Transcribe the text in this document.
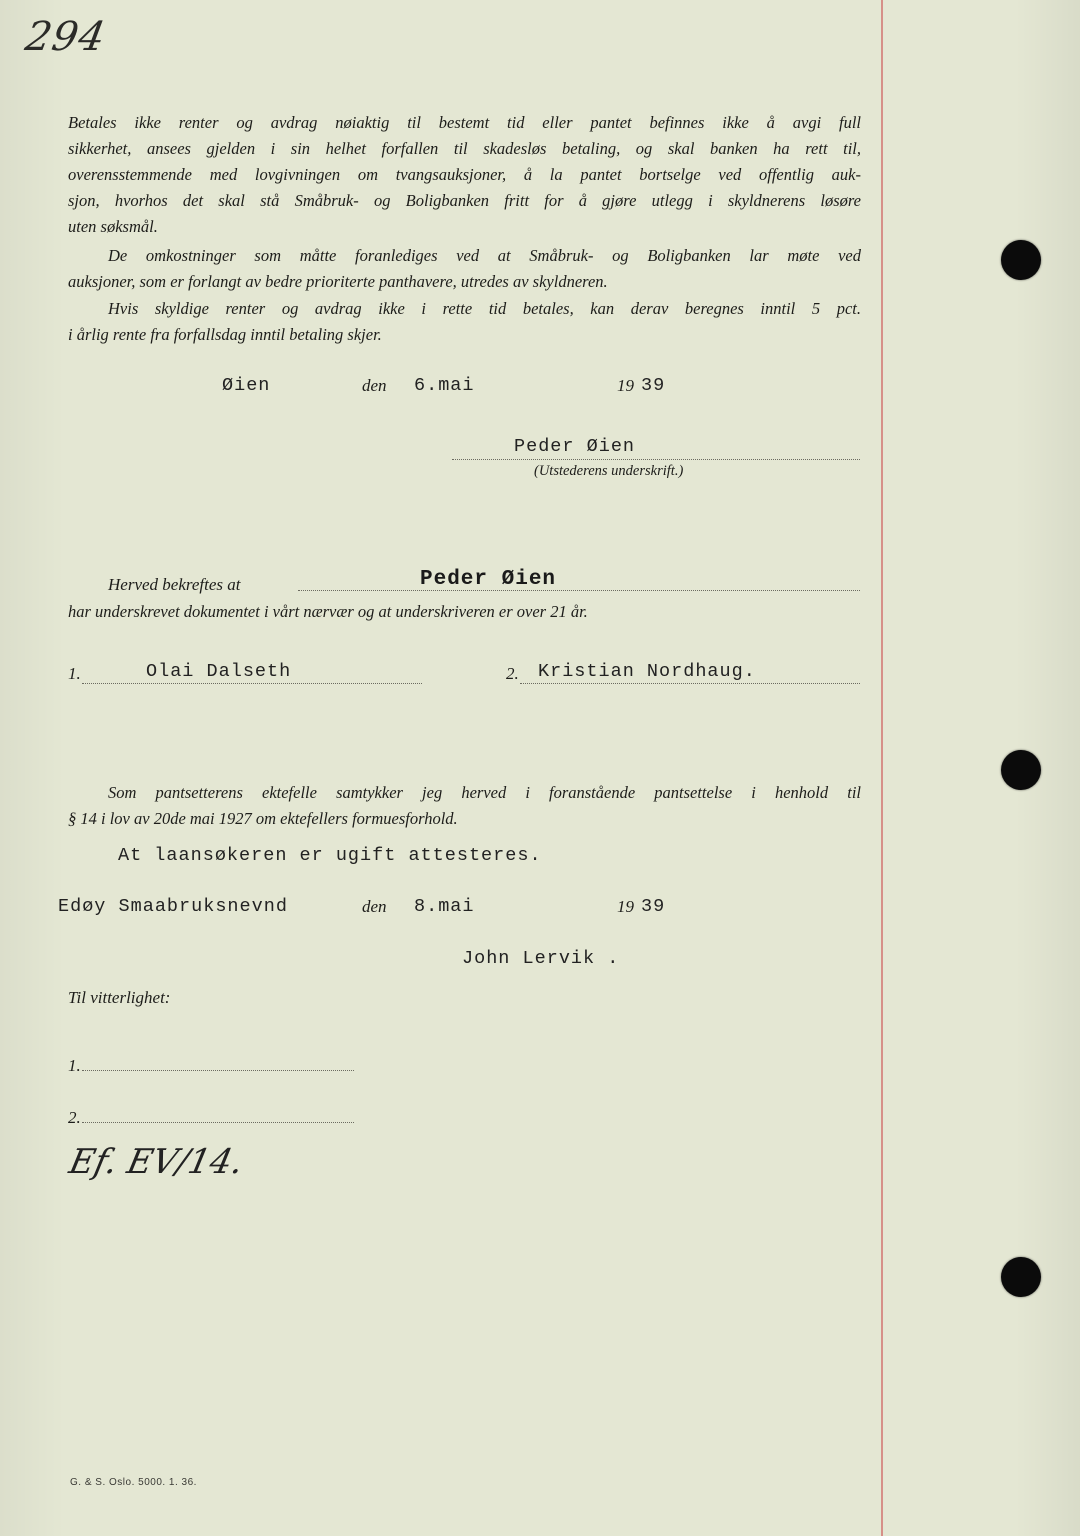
294
Betales ikke renter og avdrag nøiaktig til bestemt tid eller pantet befinnes ikke å avgi full
sikkerhet, ansees gjelden i sin helhet forfallen til skadesløs betaling, og skal banken ha rett til,
overensstemmende med lovgivningen om tvangsauksjoner, å la pantet bortselge ved offentlig auk-
sjon, hvorhos det skal stå Småbruk- og Boligbanken fritt for å gjøre utlegg i skyldnerens løsøre
uten søksmål.
De omkostninger som måtte foranlediges ved at Småbruk- og Boligbanken lar møte ved
auksjoner, som er forlangt av bedre prioriterte panthavere, utredes av skyldneren.
Hvis skyldige renter og avdrag ikke i rette tid betales, kan derav beregnes inntil 5 pct.
i årlig rente fra forfallsdag inntil betaling skjer.
Øien	den 6.mai	19 39
Peder Øien
(Utstederens underskrift.)
Herved bekreftes at	Peder Øien
har underskrevet dokumentet i vårt nærvær og at underskriveren er over 21 år.
1.	Olai Dalseth	2. Kristian Nordhaug.
Som pantsetterens ektefelle samtykker jeg herved i foranstående pantsettelse i henhold til
§ 14 i lov av 20de mai 1927 om ektefellers formuesforhold.
At laansøkeren er ugift attesteres.
Edøy Smaabruksnevnd	den 8.mai	19 39
John Lervik .
Til vitterlighet:
1.
2.
Ef. EV/14.
G. & S. Oslo. 5000. 1. 36.
